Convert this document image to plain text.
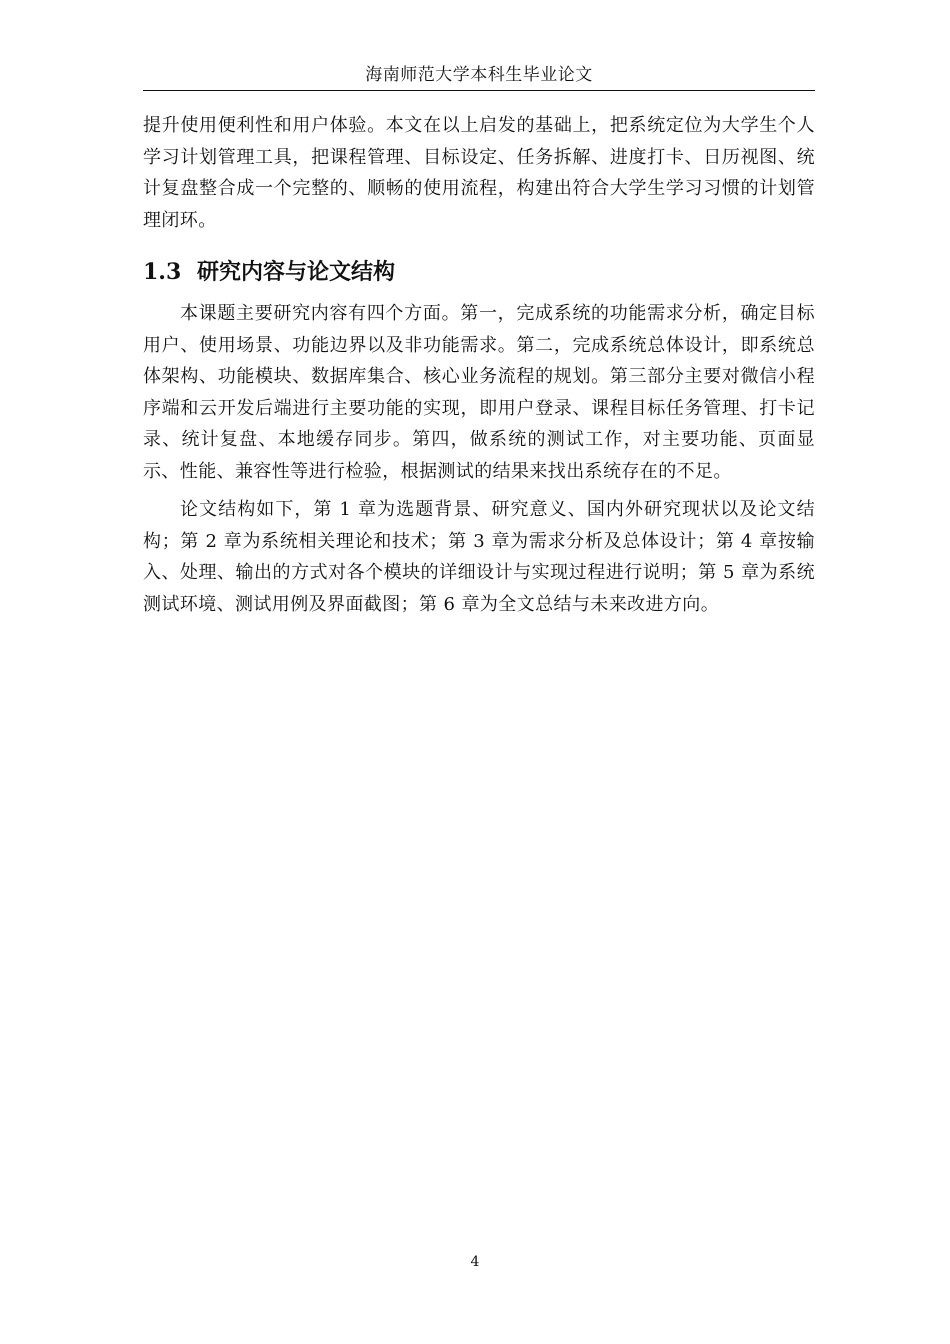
海南师范大学本科生毕业论文

提升使用便利性和用户体验。本文在以上启发的基础上，把系统定位为大学生个人学习计划管理工具，把课程管理、目标设定、任务拆解、进度打卡、日历视图、统计复盘整合成一个完整的、顺畅的使用流程，构建出符合大学生学习习惯的计划管理闭环。

1.3 研究内容与论文结构

本课题主要研究内容有四个方面。第一，完成系统的功能需求分析，确定目标用户、使用场景、功能边界以及非功能需求。第二，完成系统总体设计，即系统总体架构、功能模块、数据库集合、核心业务流程的规划。第三部分主要对微信小程序端和云开发后端进行主要功能的实现，即用户登录、课程目标任务管理、打卡记录、统计复盘、本地缓存同步。第四，做系统的测试工作，对主要功能、页面显示、性能、兼容性等进行检验，根据测试的结果来找出系统存在的不足。

论文结构如下，第 1 章为选题背景、研究意义、国内外研究现状以及论文结构；第 2 章为系统相关理论和技术；第 3 章为需求分析及总体设计；第 4 章按输入、处理、输出的方式对各个模块的详细设计与实现过程进行说明；第 5 章为系统测试环境、测试用例及界面截图；第 6 章为全文总结与未来改进方向。

4
